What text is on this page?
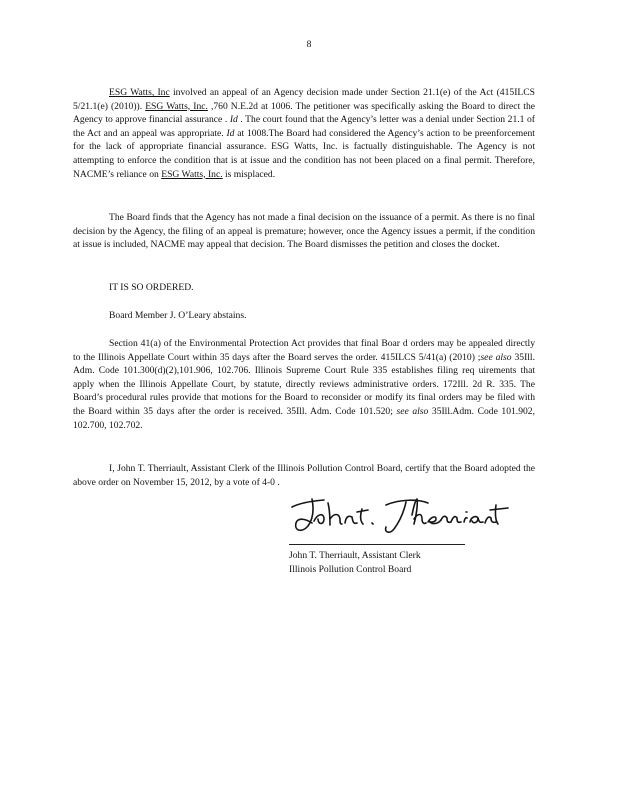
8

ESG Watts, Inc involved an appeal of an Agency decision made under Section 21.1(e) of the Act (415ILCS 5/21.1(e) (2010)). ESG Watts, Inc. ,760 N.E.2d at 1006. The petitioner was specifically asking the Board to direct the Agency to approve financial assurance . Id . The court found that the Agency’s letter was a denial under Section 21.1 of the Act and an appeal was appropriate. Id at 1008.The Board had considered the Agency’s action to be preenforcement for the lack of appropriate financial assurance. ESG Watts, Inc. is factually distinguishable. The Agency is not attempting to enforce the condition that is at issue and the condition has not been placed on a final permit. Therefore, NACME’s reliance on ESG Watts, Inc. is misplaced.

The Board finds that the Agency has not made a final decision on the issuance of a permit. As there is no final decision by the Agency, the filing of an appeal is premature; however, once the Agency issues a permit, if the condition at issue is included, NACME may appeal that decision. The Board dismisses the petition and closes the docket.

IT IS SO ORDERED.

Board Member J. O’Leary abstains.

Section 41(a) of the Environmental Protection Act provides that final Boar d orders may be appealed directly to the Illinois Appellate Court within 35 days after the Board serves the order. 415ILCS 5/41(a) (2010) ;see also 35Ill. Adm. Code 101.300(d)(2),101.906, 102.706. Illinois Supreme Court Rule 335 establishes filing req uirements that apply when the Illinois Appellate Court, by statute, directly reviews administrative orders. 172Ill. 2d R. 335. The Board’s procedural rules provide that motions for the Board to reconsider or modify its final orders may be filed with the Board within 35 days after the order is received. 35Ill. Adm. Code 101.520; see also 35Ill.Adm. Code 101.902, 102.700, 102.702.

I, John T. Therriault, Assistant Clerk of the Illinois Pollution Control Board, certify that the Board adopted the above order on November 15, 2012, by a vote of 4-0 .

John T. Therriault, Assistant Clerk
Illinois Pollution Control Board
